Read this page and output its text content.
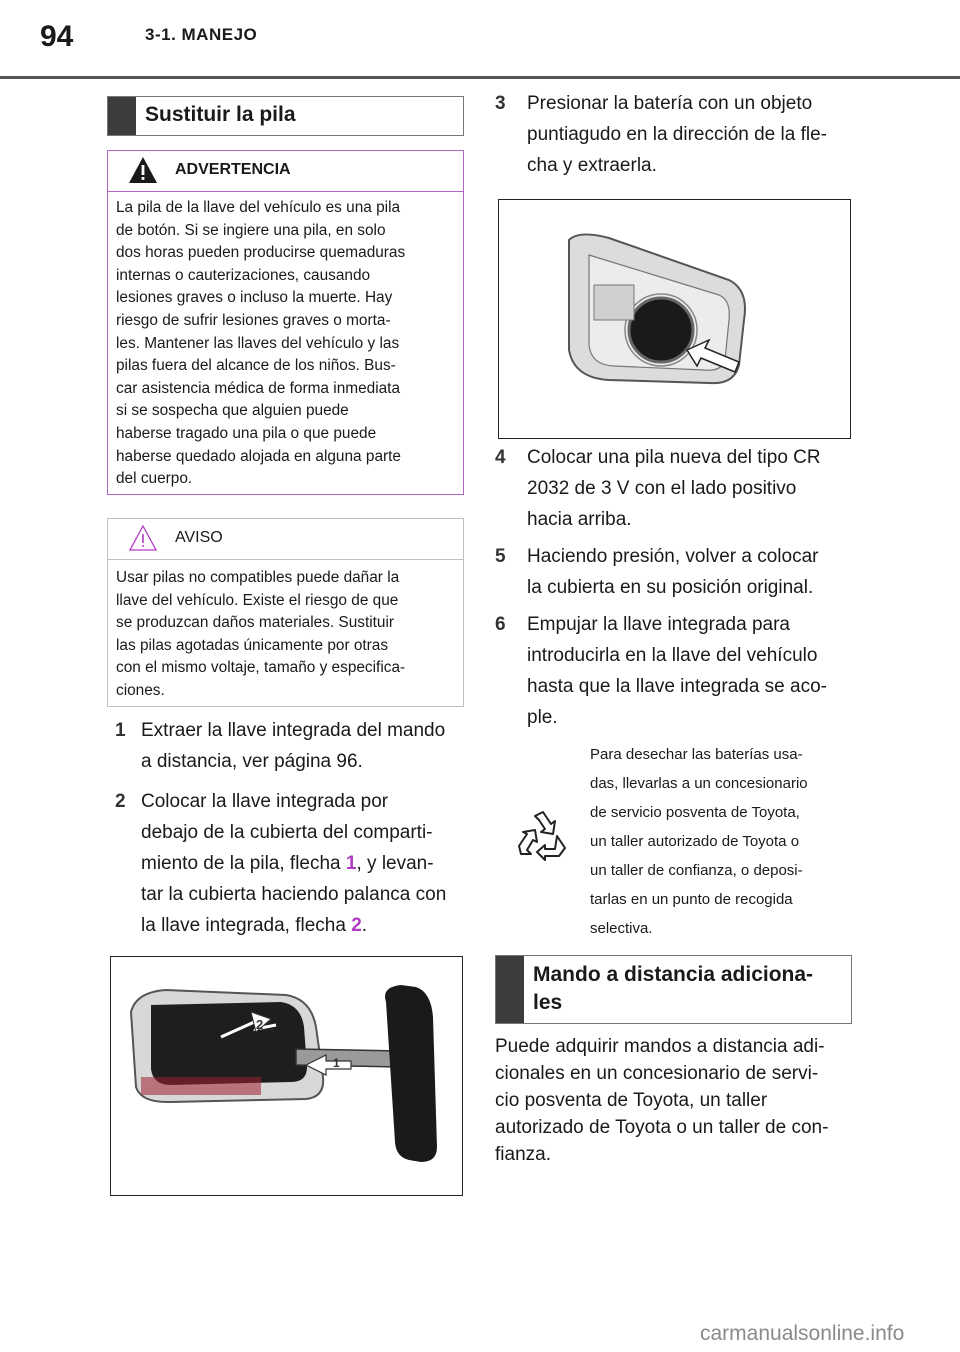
94	3-1. MANEJO
Sustituir la pila
ADVERTENCIA
La pila de la llave del vehículo es una pila
de botón. Si se ingiere una pila, en solo
dos horas pueden producirse quemaduras
internas o cauterizaciones, causando
lesiones graves o incluso la muerte. Hay
riesgo de sufrir lesiones graves o morta-
les. Mantener las llaves del vehículo y las
pilas fuera del alcance de los niños. Bus-
car asistencia médica de forma inmediata
si se sospecha que alguien puede
haberse tragado una pila o que puede
haberse quedado alojada en alguna parte
del cuerpo.
AVISO
Usar pilas no compatibles puede dañar la
llave del vehículo. Existe el riesgo de que
se produzcan daños materiales. Sustituir
las pilas agotadas únicamente por otras
con el mismo voltaje, tamaño y especifica-
ciones.
1 Extraer la llave integrada del mando
a distancia, ver página 96.
2 Colocar la llave integrada por
debajo de la cubierta del comparti-
miento de la pila, flecha 1, y levan-
tar la cubierta haciendo palanca con
la llave integrada, flecha 2.
2
1
3 Presionar la batería con un objeto
puntiagudo en la dirección de la fle-
cha y extraerla.
4 Colocar una pila nueva del tipo CR
2032 de 3 V con el lado positivo
hacia arriba.
5 Haciendo presión, volver a colocar
la cubierta en su posición original.
6 Empujar la llave integrada para
introducirla en la llave del vehículo
hasta que la llave integrada se aco-
ple.
Para desechar las baterías usa-
das, llevarlas a un concesionario
de servicio posventa de Toyota,
un taller autorizado de Toyota o
un taller de confianza, o deposi-
tarlas en un punto de recogida
selectiva.
Mando a distancia adiciona-
les
Puede adquirir mandos a distancia adi-
cionales en un concesionario de servi-
cio posventa de Toyota, un taller
autorizado de Toyota o un taller de con-
fianza.
carmanualsonline.info
